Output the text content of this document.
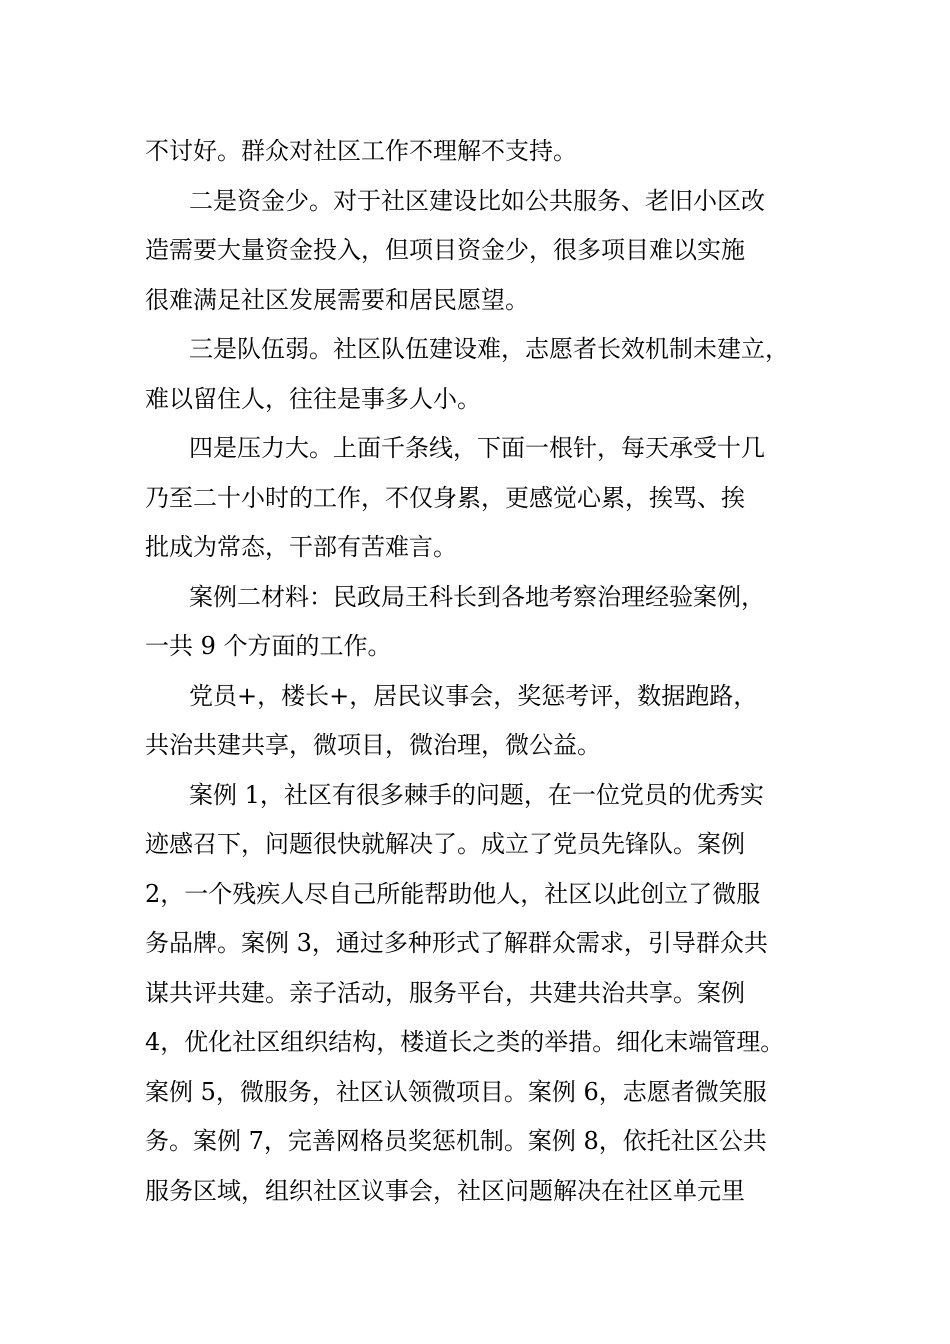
不讨好。群众对社区工作不理解不支持。
二是资金少。对于社区建设比如公共服务、老旧小区改
造需要大量资金投入，但项目资金少，很多项目难以实施
很难满足社区发展需要和居民愿望。
三是队伍弱。社区队伍建设难，志愿者长效机制未建立，
难以留住人，往往是事多人小。
四是压力大。上面千条线，下面一根针，每天承受十几
乃至二十小时的工作，不仅身累，更感觉心累，挨骂、挨
批成为常态，干部有苦难言。
案例二材料：民政局王科长到各地考察治理经验案例，
一共 9 个方面的工作。
党员+，楼长+，居民议事会，奖惩考评，数据跑路，
共治共建共享，微项目，微治理，微公益。
案例 1，社区有很多棘手的问题，在一位党员的优秀实
迹感召下，问题很快就解决了。成立了党员先锋队。案例
2，一个残疾人尽自己所能帮助他人，社区以此创立了微服
务品牌。案例 3，通过多种形式了解群众需求，引导群众共
谋共评共建。亲子活动，服务平台，共建共治共享。案例
4，优化社区组织结构，楼道长之类的举措。细化末端管理。
案例 5，微服务，社区认领微项目。案例 6，志愿者微笑服
务。案例 7，完善网格员奖惩机制。案例 8，依托社区公共
服务区域，组织社区议事会，社区问题解决在社区单元里
